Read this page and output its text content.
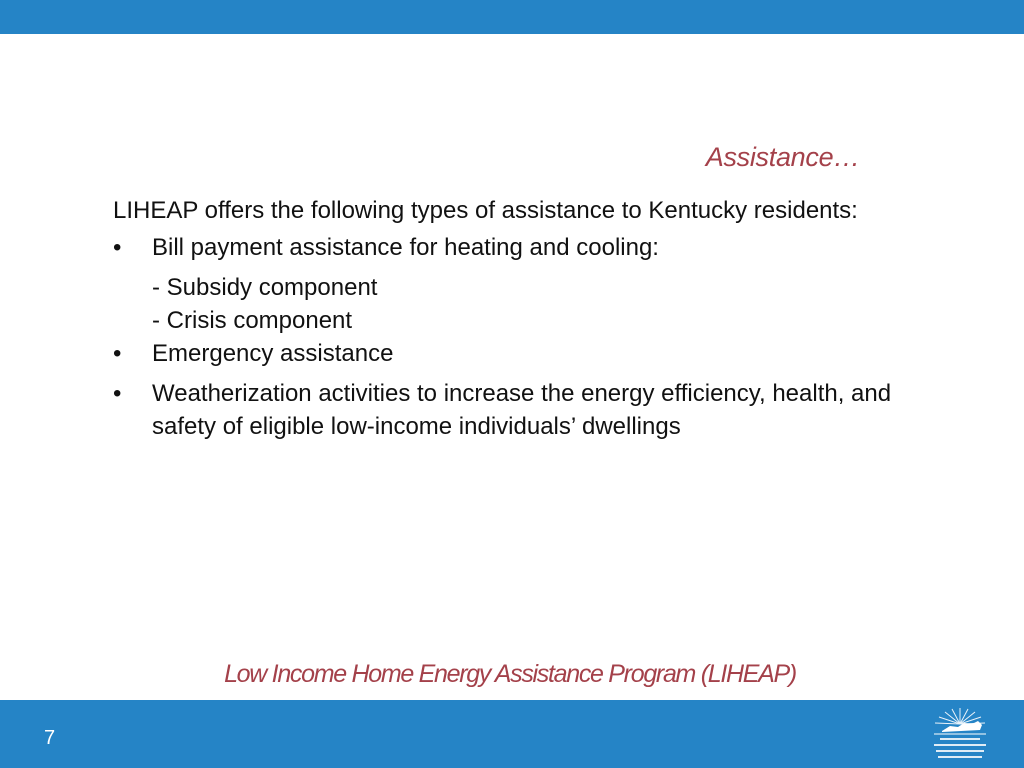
Assistance…

LIHEAP offers the following types of assistance to Kentucky residents:

• Bill payment assistance for heating and cooling:

- Subsidy component

- Crisis component

• Emergency assistance
• Weatherization activities to increase the energy efficiency, health, and safety of eligible low-income individuals’ dwellings
Low Income Home Energy Assistance Program (LIHEAP)
7
